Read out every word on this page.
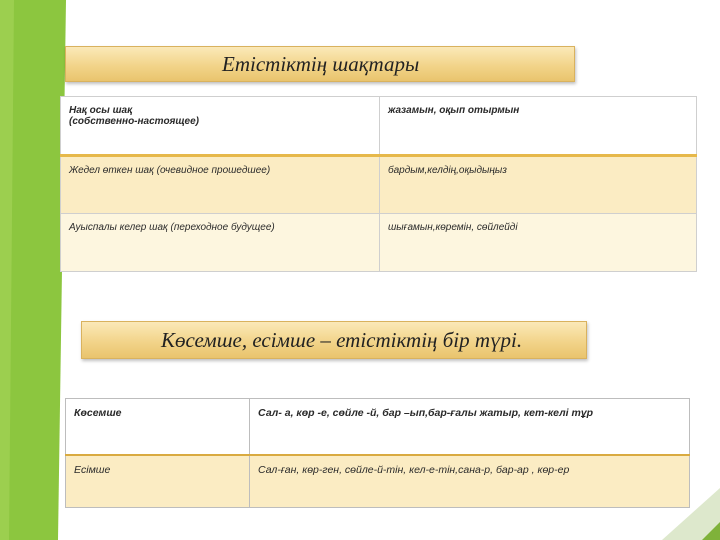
Етістіктің шақтары
Нақ осы шақ
(собственно-настоящее)	жазамын, оқып отырмын
Жедел өткен шақ (очевидное прошедшее)	бардым,келдің,оқыдыңыз
Ауыспалы келер шақ (переходное будущее)	шығамын,көремін, сөйлейді
Көсемше, есімше – етістіктің бір түрі.
Көсемше	Сал- а, көр -е, сөйле -й, бар –ып,бар-ғалы жатыр, кет-келі тұр
Есімше	Сал-ған, көр-ген, сөйле-й-тін, кел-е-тін,сана-р, бар-ар , көр-ер
